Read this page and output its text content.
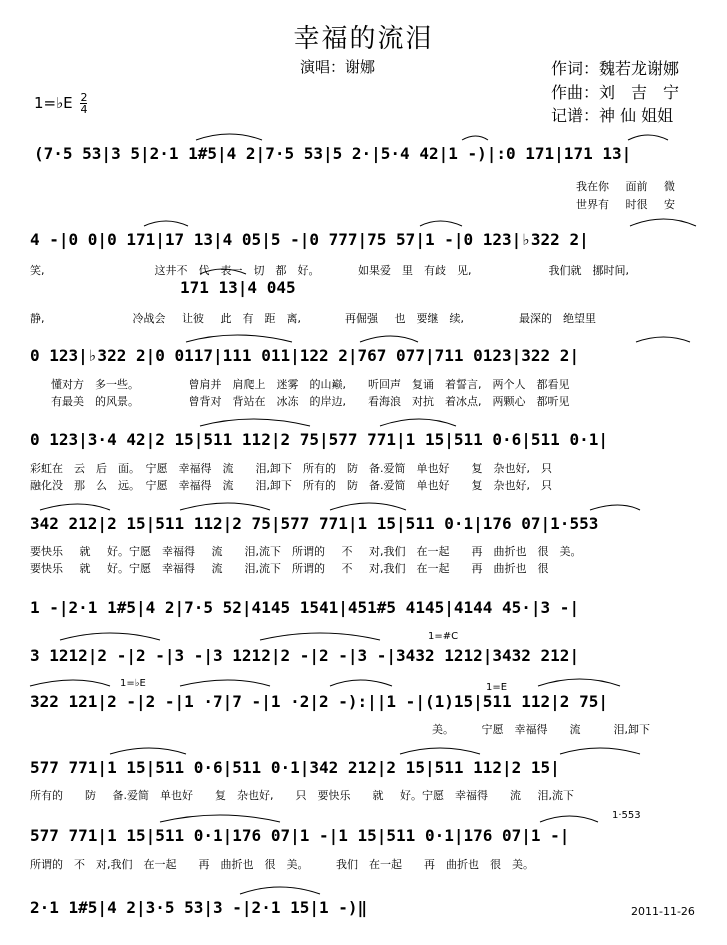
幸福的流泪
演唱：谢娜	作词：魏若龙谢娜
作曲：刘　吉　宁
记谱：神 仙 姐姐
1=♭E $\frac{2}{4}$
(7·5 53|3 5|2·1 1#5|4 2|7·5 53|5 2·|5·4 42|1 -)|:0 171|171 13|
我在你　 面前　 微
世界有　 时很　 安
4 -|0 0|0 171|17 13|4 05|5 -|0 777|75 57|1 -|0 123|♭322 2|
笑,　　　　　　　　　　这井不　代　表一　切　都　好。　　　　如果爱　里　有歧　见,　　　　　　　我们就　挪时间,
171 13|4 045
静,　　　　　　　　冷战会　 让彼　 此　有　距　离,　　　　再倔强　 也　要继　续,　　　　　最深的　绝望里
0 123|♭322 2|0 0117|111 011|122 2|767 077|711 0123|322 2|
　懂对方　多一些。　　　　　曾肩并　肩爬上　迷雾　的山巅,　　听回声　复诵　着誓言,　两个人　都看见
　有最美　的风景。　　　　　曾背对　背站在　冰冻　的岸边,　　看海浪　对抗　着冰点,　两颗心　都听见
0 123|3·4 42|2 15|511 112|2 75|577 771|1 15|511 0·6|511 0·1|
彩虹在　云　后　面。　宁愿　幸福得　流　　泪,卸下　所有的　防　备.爱简　单也好　　复　杂也好,　只
融化没　那　么　远。　宁愿　幸福得　流　　泪,卸下　所有的　防　备.爱简　单也好　　复　杂也好,　只
342 212|2 15|511 112|2 75|577 771|1 15|511 0·1|176 07|1·553
要快乐　 就　 好。宁愿　幸福得　 流　　泪,流下　所谓的　 不　 对,我们　在一起　　再　曲折也　很　美。
要快乐　 就　 好。宁愿　幸福得　 流　　泪,流下　所谓的　 不　 对,我们　在一起　　再　曲折也　很
1 -|2·1 1#5|4 2|7·5 52|4145 1541|451#5 4145|4144 45·|3 -|
1=#C
3 1212|2 -|2 -|3 -|3 1212|2 -|2 -|3 -|3432 1212|3432 212|
1=♭E	1=E
322 121|2 -|2 -|1 ·7|7 -|1 ·2|2 -):||1 -|(1)15|511 112|2 75|
美。　　　宁愿　幸福得　　流　　　泪,卸下
577 771|1 15|511 0·6|511 0·1|342 212|2 15|511 112|2 15|
所有的　　防　 备.爱简　单也好　　复　杂也好,　　只　要快乐　　就　 好。宁愿　幸福得　　流　 泪,流下
1·553
577 771|1 15|511 0·1|176 07|1 -|1 15|511 0·1|176 07|1 -|
所谓的　不　对,我们　在一起　　再　曲折也　很　美。　　　我们　在一起　　再　曲折也　很　美。
2·1 1#5|4 2|3·5 53|3 -|2·1 15|1 -)‖	2011-11-26
